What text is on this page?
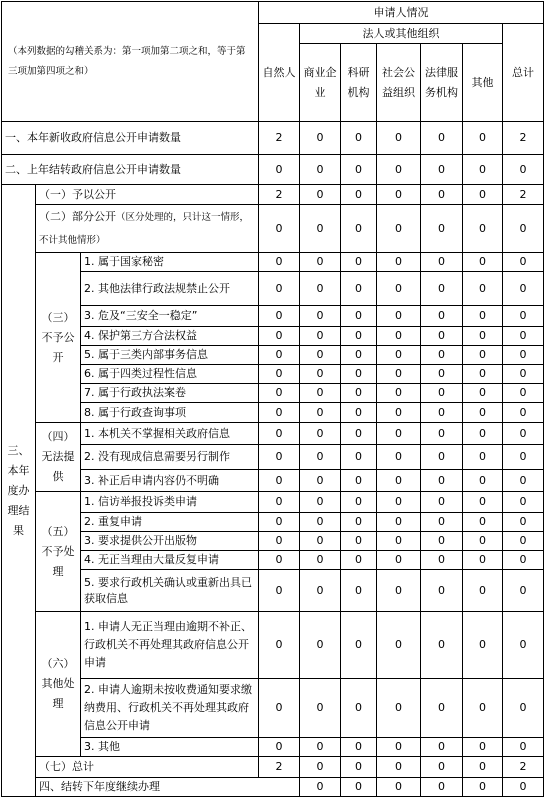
（本列数据的勾稽关系为：第一项加第二项之和，等于第三项加第四项之和）			申请人情况							
			自然人	法人或其他组织					总计	
				商业企业	科研机构	社会公益组织	法律服务机构	其他		
一、本年新收政府信息公开申请数量			2	0	0	0	0	0	2	
二、上年结转政府信息公开申请数量			0	0	0	0	0	0	0	
三、本年度办理结果	（一）予以公开		2	0	0	0	0	0	2	
	（二）部分公开（区分处理的，只计这一情形，不计其他情形）		0	0	0	0	0	0	0	
	（三）不予公开	1. 属于国家秘密	0	0	0	0	0	0	0	
		2. 其他法律行政法规禁止公开	0	0	0	0	0	0	0	
		3. 危及“三安全一稳定”	0	0	0	0	0	0	0	
		4. 保护第三方合法权益	0	0	0	0	0	0	0	
		5. 属于三类内部事务信息	0	0	0	0	0	0	0	
		6. 属于四类过程性信息	0	0	0	0	0	0	0	
		7. 属于行政执法案卷	0	0	0	0	0	0	0	
		8. 属于行政查询事项	0	0	0	0	0	0	0	
	（四）无法提供	1. 本机关不掌握相关政府信息	0	0	0	0	0	0	0	
		2. 没有现成信息需要另行制作	0	0	0	0	0	0	0	
		3. 补正后申请内容仍不明确	0	0	0	0	0	0	0	
	（五）不予处理	1. 信访举报投诉类申请	0	0	0	0	0	0	0	
		2. 重复申请	0	0	0	0	0	0	0	
		3. 要求提供公开出版物	0	0	0	0	0	0	0	
		4. 无正当理由大量反复申请	0	0	0	0	0	0	0	
		5. 要求行政机关确认或重新出具已获取信息	0	0	0	0	0	0	0	
	（六）其他处理	1. 申请人无正当理由逾期不补正、行政机关不再处理其政府信息公开申请	0	0	0	0	0	0	0	
		2. 申请人逾期未按收费通知要求缴纳费用、行政机关不再处理其政府信息公开申请	0	0	0	0	0	0	0	
		3. 其他	0	0	0	0	0	0	0	
	（七）总计		2	0	0	0	0	0	2	
	四、结转下年度继续办理			0	0	0	0	0	0	
